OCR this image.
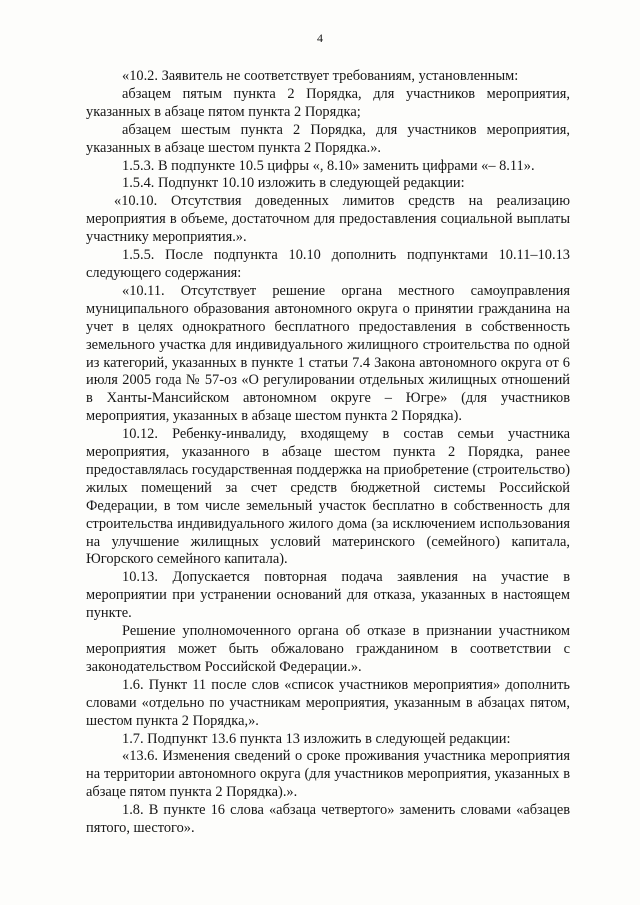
4

«10.2. Заявитель не соответствует требованиям, установленным:

абзацем пятым пункта 2 Порядка, для участников мероприятия, указанных в абзаце пятом пункта 2 Порядка;

абзацем шестым пункта 2 Порядка, для участников мероприятия, указанных в абзаце шестом пункта 2 Порядка.».

1.5.3. В подпункте 10.5 цифры «, 8.10» заменить цифрами «– 8.11».

1.5.4. Подпункт 10.10 изложить в следующей редакции:

«10.10. Отсутствия доведенных лимитов средств на реализацию мероприятия в объеме, достаточном для предоставления социальной выплаты участнику мероприятия.».

1.5.5. После подпункта 10.10 дополнить подпунктами 10.11–10.13 следующего содержания:

«10.11. Отсутствует решение органа местного самоуправления муниципального образования автономного округа о принятии гражданина на учет в целях однократного бесплатного предоставления в собственность земельного участка для индивидуального жилищного строительства по одной из категорий, указанных в пункте 1 статьи 7.4 Закона автономного округа от 6 июля 2005 года № 57-оз «О регулировании отдельных жилищных отношений в Ханты-Мансийском автономном округе – Югре» (для участников мероприятия, указанных в абзаце шестом пункта 2 Порядка).

10.12. Ребенку-инвалиду, входящему в состав семьи участника мероприятия, указанного в абзаце шестом пункта 2 Порядка, ранее предоставлялась государственная поддержка на приобретение (строительство) жилых помещений за счет средств бюджетной системы Российской Федерации, в том числе земельный участок бесплатно в собственность для строительства индивидуального жилого дома (за исключением использования на улучшение жилищных условий материнского (семейного) капитала, Югорского семейного капитала).

10.13. Допускается повторная подача заявления на участие в мероприятии при устранении оснований для отказа, указанных в настоящем пункте.

Решение уполномоченного органа об отказе в признании участником мероприятия может быть обжаловано гражданином в соответствии с законодательством Российской Федерации.».

1.6. Пункт 11 после слов «список участников мероприятия» дополнить словами «отдельно по участникам мероприятия, указанным в абзацах пятом, шестом пункта 2 Порядка,».

1.7. Подпункт 13.6 пункта 13 изложить в следующей редакции:

«13.6. Изменения сведений о сроке проживания участника мероприятия на территории автономного округа (для участников мероприятия, указанных в абзаце пятом пункта 2 Порядка).».

1.8. В пункте 16 слова «абзаца четвертого» заменить словами «абзацев пятого, шестого».
